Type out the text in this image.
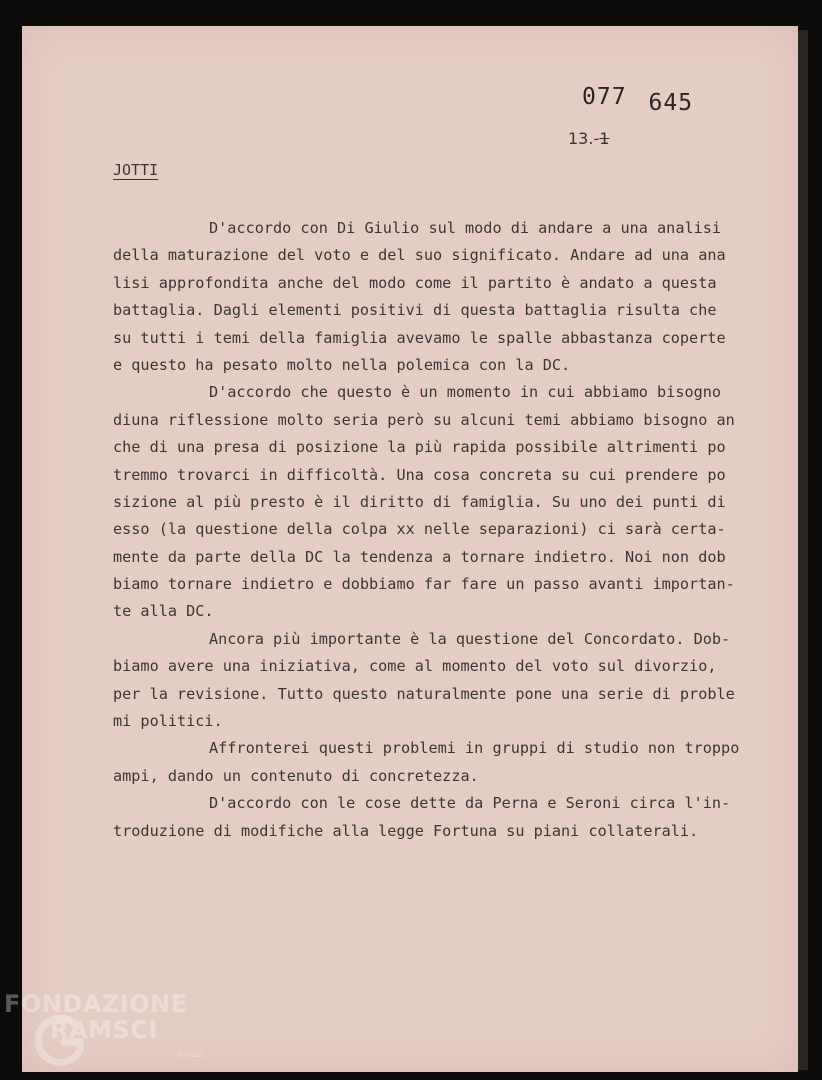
077 645
13.-1
JOTTI
D'accordo con Di Giulio sul modo di andare a una analisi
della maturazione del voto e del suo significato. Andare ad una ana
lisi approfondita anche del modo come il partito è andato a questa
battaglia. Dagli elementi positivi di questa battaglia risulta che
su tutti i temi della famiglia avevamo le spalle abbastanza coperte
e questo ha pesato molto nella polemica con la DC.
D'accordo che questo è un momento in cui abbiamo bisogno
diuna riflessione molto seria però su alcuni temi abbiamo bisogno an
che di una presa di posizione la più rapida possibile altrimenti po
tremmo trovarci in difficoltà. Una cosa concreta su cui prendere po
sizione al più presto è il diritto di famiglia. Su uno dei punti di
esso (la questione della colpa xx nelle separazioni) ci sarà certa-
mente da parte della DC la tendenza a tornare indietro. Noi non dob
biamo tornare indietro e dobbiamo far fare un passo avanti importan-
te alla DC.
Ancora più importante è la questione del Concordato. Dob-
biamo avere una iniziativa, come al momento del voto sul divorzio,
per la revisione. Tutto questo naturalmente pone una serie di proble
mi politici.
Affronterei questi problemi in gruppi di studio non troppo
ampi, dando un contenuto di concretezza.
D'accordo con le cose dette da Perna e Seroni circa l'in-
troduzione di modifiche alla legge Fortuna su piani collaterali.
FONDAZIONE
RAMSCI
onlus
